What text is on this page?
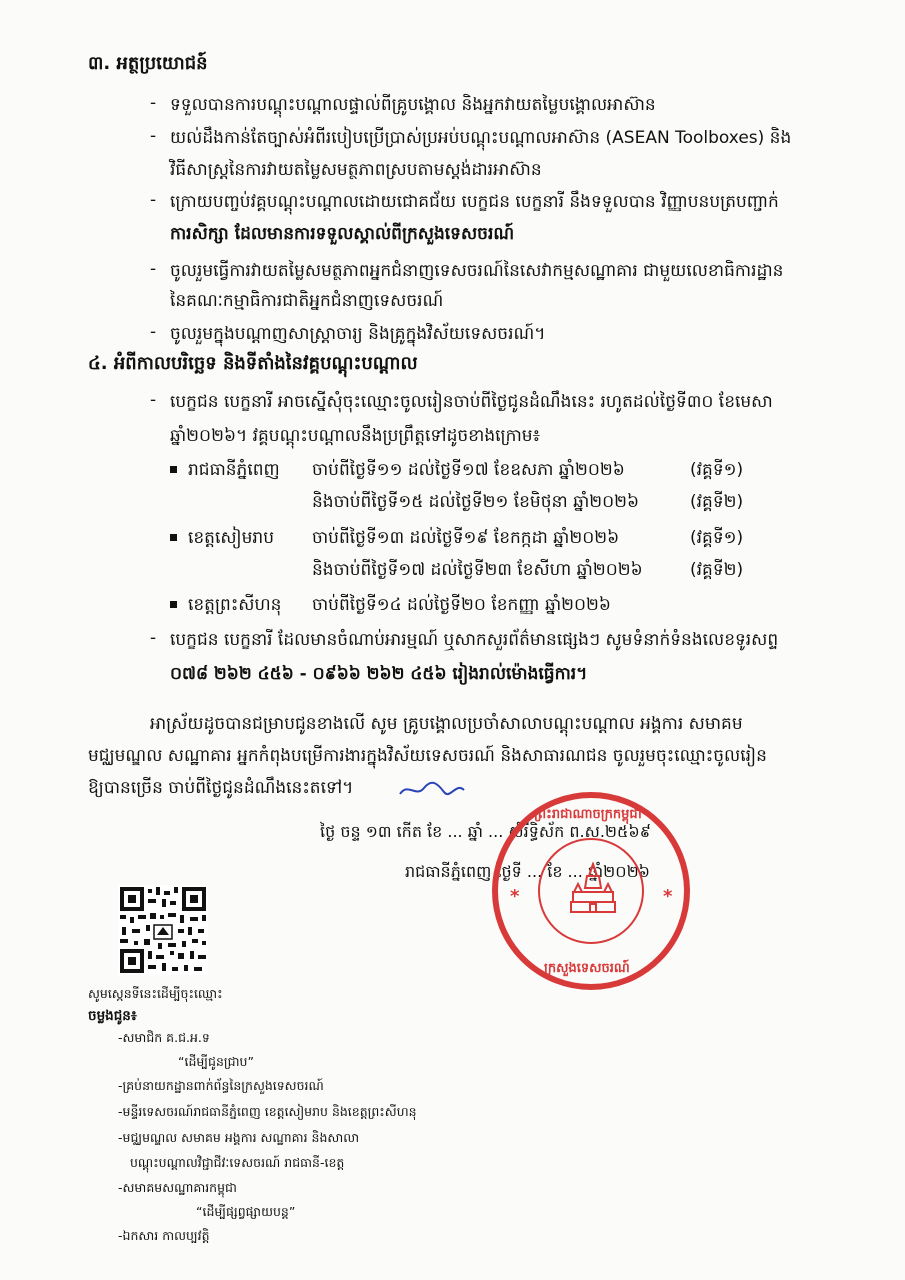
៣. អត្ថប្រយោជន៍
- ទទួលបានការបណ្តុះបណ្តាលផ្ទាល់ពីគ្រូបង្គោល និងអ្នកវាយតម្លៃបង្គោលអាស៊ាន
- យល់ដឹងកាន់តែច្បាស់អំពីរបៀបប្រើប្រាស់ប្រអប់បណ្តុះបណ្តាលអាស៊ាន (ASEAN Toolboxes) និង
វិធីសាស្ត្រនៃការវាយតម្លៃសមត្ថភាពស្របតាមស្តង់ដារអាស៊ាន
- ក្រោយបញ្ចប់វគ្គបណ្តុះបណ្តាលដោយជោគជ័យ បេក្ខជន បេក្ខនារី នឹងទទួលបាន វិញ្ញាបនបត្របញ្ជាក់
ការសិក្សា ដែលមានការទទួលស្គាល់ពីក្រសួងទេសចរណ៍
- ចូលរួមធ្វើការវាយតម្លៃសមត្ថភាពអ្នកជំនាញទេសចរណ៍នៃសេវាកម្មសណ្ឋាគារ ជាមួយលេខាធិការដ្ឋាន
នៃគណៈកម្មាធិការជាតិអ្នកជំនាញទេសចរណ៍
- ចូលរួមក្នុងបណ្តាញសាស្ត្រាចារ្យ និងគ្រូក្នុងវិស័យទេសចរណ៍។
៤. អំពីកាលបរិច្ឆេទ និងទីតាំងនៃវគ្គបណ្តុះបណ្តាល
- បេក្ខជន បេក្ខនារី អាចស្នើសុំចុះឈ្មោះចូលរៀនចាប់ពីថ្ងៃជូនដំណឹងនេះ រហូតដល់ថ្ងៃទី៣០ ខែមេសា
ឆ្នាំ២០២៦។ វគ្គបណ្តុះបណ្តាលនឹងប្រព្រឹត្តទៅដូចខាងក្រោម៖
រាជធានីភ្នំពេញ ចាប់ពីថ្ងៃទី១១ ដល់ថ្ងៃទី១៧ ខែឧសភា ឆ្នាំ២០២៦	(វគ្គទី១)
និងចាប់ពីថ្ងៃទី១៥ ដល់ថ្ងៃទី២១ ខែមិថុនា ឆ្នាំ២០២៦	(វគ្គទី២)
ខេត្តសៀមរាប ចាប់ពីថ្ងៃទី១៣ ដល់ថ្ងៃទី១៩ ខែកក្កដា ឆ្នាំ២០២៦	(វគ្គទី១)
និងចាប់ពីថ្ងៃទី១៧ ដល់ថ្ងៃទី២៣ ខែសីហា ឆ្នាំ២០២៦	(វគ្គទី២)
ខេត្តព្រះសីហនុ ចាប់ពីថ្ងៃទី១៤ ដល់ថ្ងៃទី២០ ខែកញ្ញា ឆ្នាំ២០២៦
- បេក្ខជន បេក្ខនារី ដែលមានចំណាប់អារម្មណ៍ ឬសាកសួរព័ត៌មានផ្សេងៗ សូមទំនាក់ទំនងលេខទូរសព្ទ
០៧៨ ២៦២ ៤៥៦ - ០៩៦៦ ២៦២ ៤៥៦ រៀងរាល់ម៉ោងធ្វើការ។
អាស្រ័យដូចបានជម្រាបជូនខាងលើ សូម គ្រូបង្គោលប្រចាំសាលាបណ្តុះបណ្តាល អង្គការ សមាគម
មជ្ឈមណ្ឌល សណ្ឋាគារ អ្នកកំពុងបម្រើការងារក្នុងវិស័យទេសចរណ៍ និងសាធារណជន ចូលរួមចុះឈ្មោះចូលរៀន
ឱ្យបានច្រើន ចាប់ពីថ្ងៃជូនដំណឹងនេះតទៅ។
ថ្ងៃ ចន្ទ ១៣ កើត ខែ ... ឆ្នាំ ... សំរឹទ្ធិស័ក ព.ស.២៥៦៩
រាជធានីភ្នំពេញ ថ្ងៃទី ... ខែ ... ឆ្នាំ២០២៦
ព្រះរាជាណាចក្រកម្ពុជា
ក្រសួងទេសចរណ៍
*	*
សូមស្កេនទីនេះដើម្បីចុះឈ្មោះ
ចម្លងជូន៖
-សមាជិក គ.ជ.អ.ទ
“ដើម្បីជូនជ្រាប”
-គ្រប់នាយកដ្ឋានពាក់ព័ន្ធនៃក្រសួងទេសចរណ៍
-មន្ទីរទេសចរណ៍រាជធានីភ្នំពេញ ខេត្តសៀមរាប និងខេត្តព្រះសីហនុ
-មជ្ឈមណ្ឌល សមាគម អង្គការ សណ្ឋាគារ និងសាលា
បណ្តុះបណ្តាលវិជ្ជាជីវៈទេសចរណ៍ រាជធានី-ខេត្ត
-សមាគមសណ្ឋាគារកម្ពុជា
“ដើម្បីផ្សព្វផ្សាយបន្ត”
-ឯកសារ កាលប្បវត្តិ
